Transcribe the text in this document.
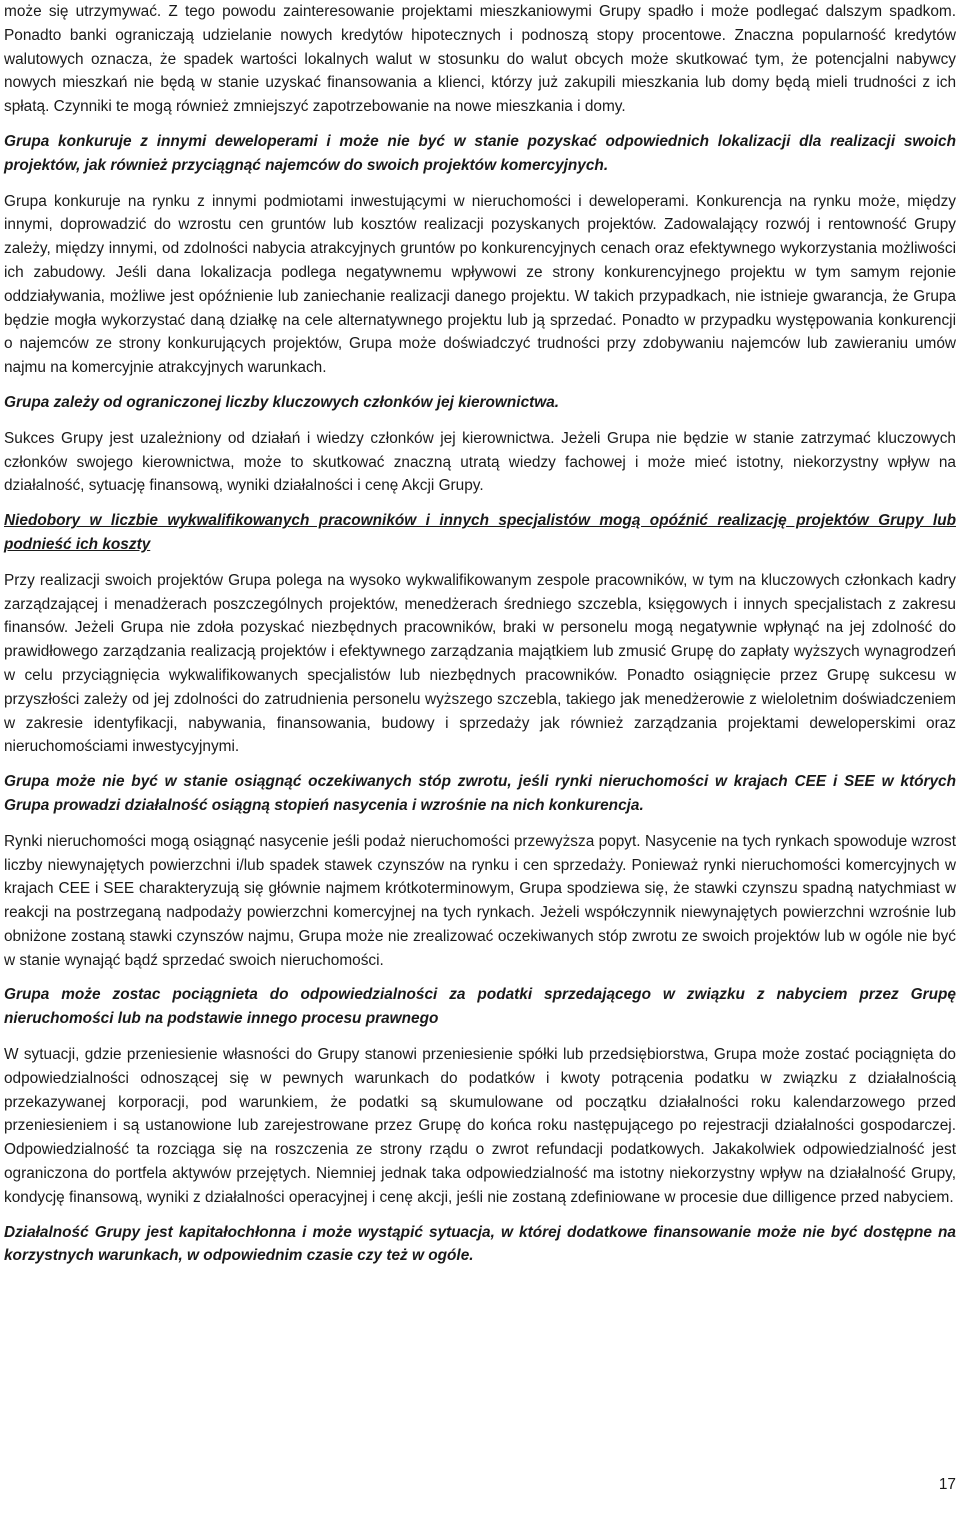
może się utrzymywać. Z tego powodu zainteresowanie projektami mieszkaniowymi Grupy spadło i może podlegać dalszym spadkom. Ponadto banki ograniczają udzielanie nowych kredytów hipotecznych i podnoszą stopy procentowe. Znaczna popularność kredytów walutowych oznacza, że spadek wartości lokalnych walut w stosunku do walut obcych może skutkować tym, że potencjalni nabywcy nowych mieszkań nie będą w stanie uzyskać finansowania a klienci, którzy już zakupili mieszkania lub domy będą mieli trudności z ich spłatą. Czynniki te mogą również zmniejszyć zapotrzebowanie na nowe mieszkania i domy.

Grupa konkuruje z innymi deweloperami i może nie być w stanie pozyskać odpowiednich lokalizacji dla realizacji swoich projektów, jak również przyciągnąć najemców do swoich projektów komercyjnych.

Grupa konkuruje na rynku z innymi podmiotami inwestującymi w nieruchomości i deweloperami. Konkurencja na rynku może, między innymi, doprowadzić do wzrostu cen gruntów lub kosztów realizacji pozyskanych projektów. Zadowalający rozwój i rentowność Grupy zależy, między innymi, od zdolności nabycia atrakcyjnych gruntów po konkurencyjnych cenach oraz efektywnego wykorzystania możliwości ich zabudowy. Jeśli dana lokalizacja podlega negatywnemu wpływowi ze strony konkurencyjnego projektu w tym samym rejonie oddziaływania, możliwe jest opóźnienie lub zaniechanie realizacji danego projektu. W takich przypadkach, nie istnieje gwarancja, że Grupa będzie mogła wykorzystać daną działkę na cele alternatywnego projektu lub ją sprzedać. Ponadto w przypadku występowania konkurencji o najemców ze strony konkurujących projektów, Grupa może doświadczyć trudności przy zdobywaniu najemców lub zawieraniu umów najmu na komercyjnie atrakcyjnych warunkach.

Grupa zależy od ograniczonej liczby kluczowych członków jej kierownictwa.

Sukces Grupy jest uzależniony od działań i wiedzy członków jej kierownictwa. Jeżeli Grupa nie będzie w stanie zatrzymać kluczowych członków swojego kierownictwa, może to skutkować znaczną utratą wiedzy fachowej i może mieć istotny, niekorzystny wpływ na działalność, sytuację finansową, wyniki działalności i cenę Akcji Grupy.

Niedobory w liczbie wykwalifikowanych pracowników i innych specjalistów mogą opóźnić realizację projektów Grupy lub podnieść ich koszty

Przy realizacji swoich projektów Grupa polega na wysoko wykwalifikowanym zespole pracowników, w tym na kluczowych członkach kadry zarządzającej i menadżerach poszczególnych projektów, menedżerach średniego szczebla, księgowych i innych specjalistach z zakresu finansów. Jeżeli Grupa nie zdoła pozyskać niezbędnych pracowników, braki w personelu mogą negatywnie wpłynąć na jej zdolność do prawidłowego zarządzania realizacją projektów i efektywnego zarządzania majątkiem lub zmusić Grupę do zapłaty wyższych wynagrodzeń w celu przyciągnięcia wykwalifikowanych specjalistów lub niezbędnych pracowników. Ponadto osiągnięcie przez Grupę sukcesu w przyszłości zależy od jej zdolności do zatrudnienia personelu wyższego szczebla, takiego jak menedżerowie z wieloletnim doświadczeniem w zakresie identyfikacji, nabywania, finansowania, budowy i sprzedaży jak również zarządzania projektami deweloperskimi oraz nieruchomościami inwestycyjnymi.

Grupa może nie być w stanie osiągnąć oczekiwanych stóp zwrotu, jeśli rynki nieruchomości w krajach CEE i SEE w których Grupa prowadzi działalność osiągną stopień nasycenia i wzrośnie na nich konkurencja.

Rynki nieruchomości mogą osiągnąć nasycenie jeśli podaż nieruchomości przewyższa popyt. Nasycenie na tych rynkach spowoduje wzrost liczby niewynajętych powierzchni i/lub spadek stawek czynszów na rynku i cen sprzedaży. Ponieważ rynki nieruchomości komercyjnych w krajach CEE i SEE charakteryzują się głównie najmem krótkoterminowym, Grupa spodziewa się, że stawki czynszu spadną natychmiast w reakcji na postrzeganą nadpodaży powierzchni komercyjnej na tych rynkach. Jeżeli współczynnik niewynajętych powierzchni wzrośnie lub obniżone zostaną stawki czynszów najmu, Grupa może nie zrealizować oczekiwanych stóp zwrotu ze swoich projektów lub w ogóle nie być w stanie wynająć bądź sprzedać swoich nieruchomości.

Grupa może zostac pociągnieta do odpowiedzialności za podatki sprzedającego w związku z nabyciem przez Grupę nieruchomości lub na podstawie innego procesu prawnego

W sytuacji, gdzie przeniesienie własności do Grupy stanowi przeniesienie spółki lub przedsiębiorstwa, Grupa może zostać pociągnięta do odpowiedzialności odnoszącej się w pewnych warunkach do podatków i kwoty potrącenia podatku w związku z działalnością przekazywanej korporacji, pod warunkiem, że podatki są skumulowane od początku działalności roku kalendarzowego przed przeniesieniem i są ustanowione lub zarejestrowane przez Grupę do końca roku następującego po rejestracji działalności gospodarczej. Odpowiedzialność ta rozciąga się na roszczenia ze strony rządu o zwrot refundacji podatkowych. Jakakolwiek odpowiedzialność jest ograniczona do portfela aktywów przejętych. Niemniej jednak taka odpowiedzialność ma istotny niekorzystny wpływ na działalność Grupy, kondycję finansową, wyniki z działalności operacyjnej i cenę akcji, jeśli nie zostaną zdefiniowane w procesie due dilligence przed nabyciem.

Działalność Grupy jest kapitałochłonna i może wystąpić sytuacja, w której dodatkowe finansowanie może nie być dostępne na korzystnych warunkach, w odpowiednim czasie czy też w ogóle.

17
